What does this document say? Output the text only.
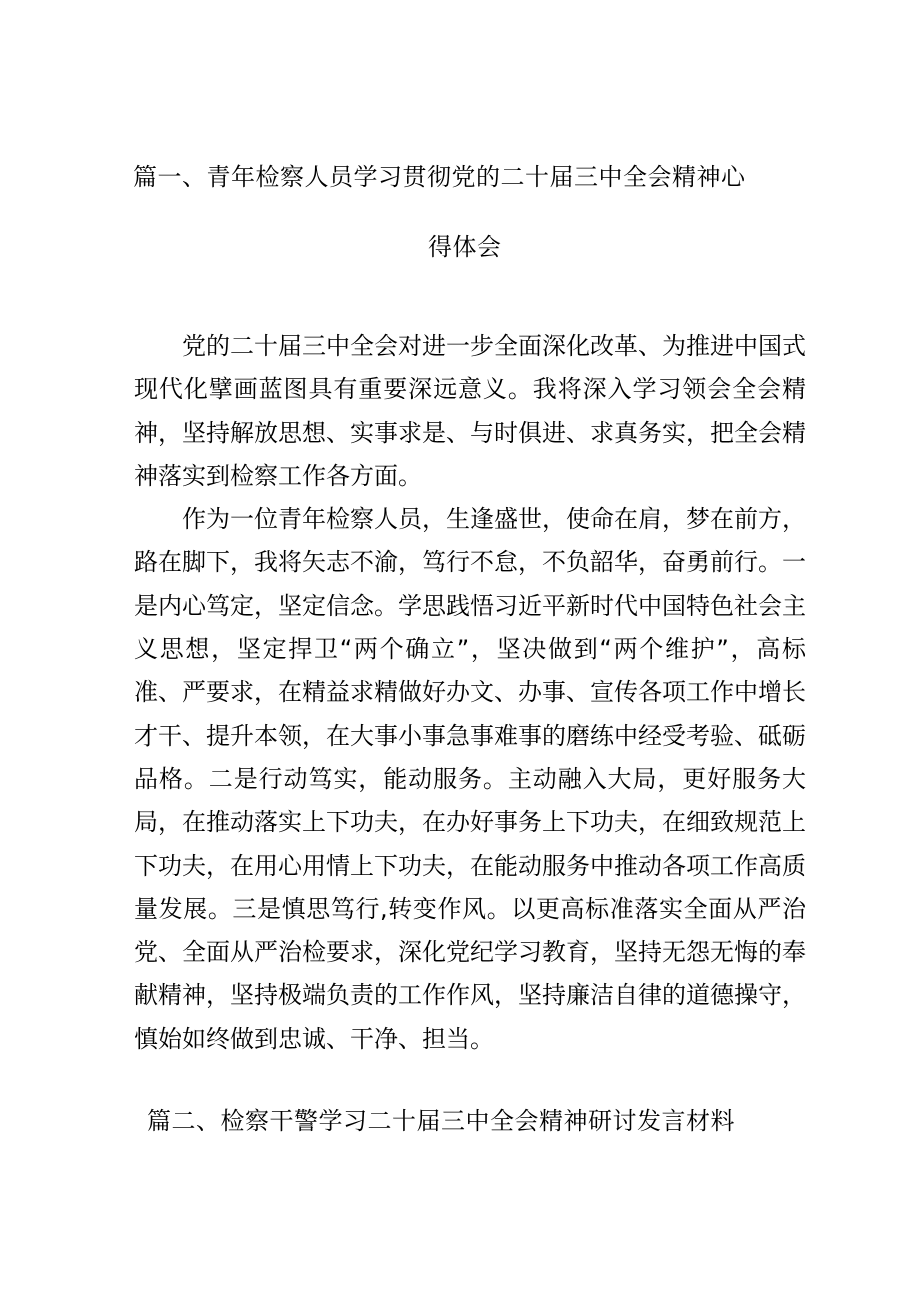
篇一、青年检察人员学习贯彻党的二十届三中全会精神心
得体会

党的二十届三中全会对进一步全面深化改革、为推进中国式现代化擘画蓝图具有重要深远意义。我将深入学习领会全会精神，坚持解放思想、实事求是、与时俱进、求真务实，把全会精神落实到检察工作各方面。

作为一位青年检察人员，生逢盛世，使命在肩，梦在前方，路在脚下，我将矢志不渝，笃行不怠，不负韶华，奋勇前行。一是内心笃定，坚定信念。学思践悟习近平新时代中国特色社会主义思想，坚定捍卫“两个确立”，坚决做到“两个维护”，高标准、严要求，在精益求精做好办文、办事、宣传各项工作中增长才干、提升本领，在大事小事急事难事的磨练中经受考验、砥砺品格。二是行动笃实，能动服务。主动融入大局，更好服务大局，在推动落实上下功夫，在办好事务上下功夫，在细致规范上下功夫，在用心用情上下功夫，在能动服务中推动各项工作高质量发展。三是慎思笃行,转变作风。以更高标准落实全面从严治党、全面从严治检要求，深化党纪学习教育，坚持无怨无悔的奉献精神，坚持极端负责的工作作风，坚持廉洁自律的道德操守，慎始如终做到忠诚、干净、担当。

篇二、检察干警学习二十届三中全会精神研讨发言材料
